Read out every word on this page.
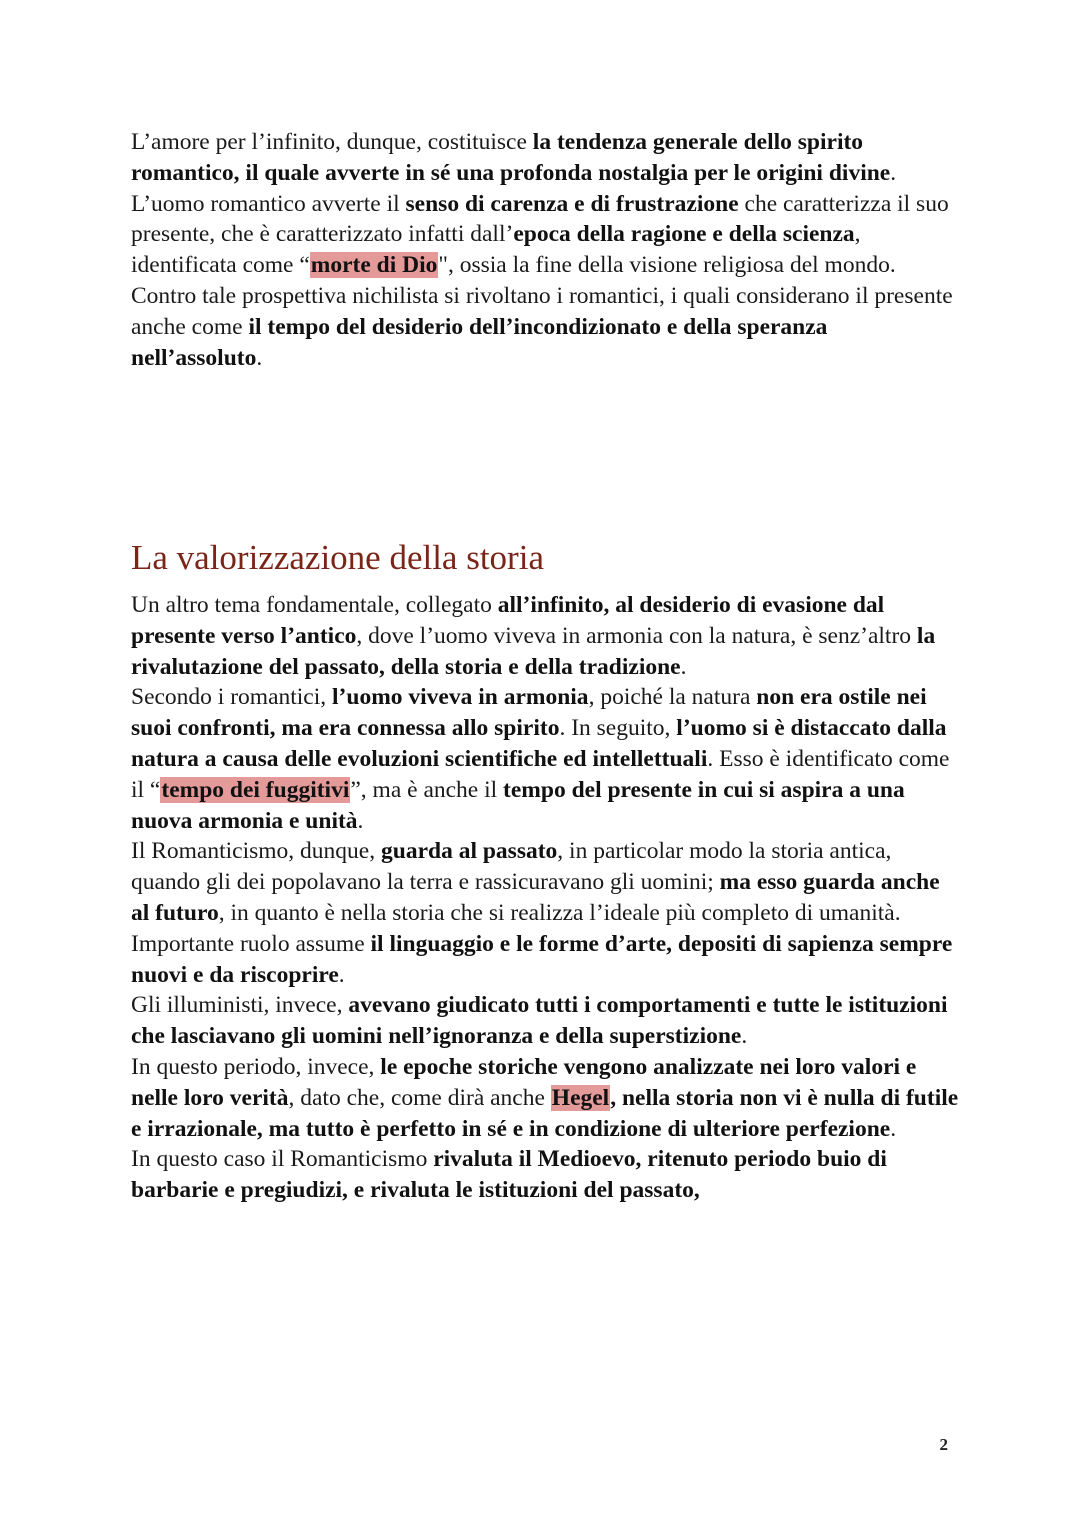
L’amore per l’infinito, dunque, costituisce la tendenza generale dello spirito romantico, il quale avverte in sé una profonda nostalgia per le origini divine.

L’uomo romantico avverte il senso di carenza e di frustrazione che caratterizza il suo presente, che è caratterizzato infatti dall’epoca della ragione e della scienza, identificata come “morte di Dio", ossia la fine della visione religiosa del mondo.

Contro tale prospettiva nichilista si rivoltano i romantici, i quali considerano il presente anche come il tempo del desiderio dell’incondizionato e della speranza nell’assoluto.

La valorizzazione della storia

Un altro tema fondamentale, collegato all’infinito, al desiderio di evasione dal presente verso l’antico, dove l’uomo viveva in armonia con la natura, è senz’altro la rivalutazione del passato, della storia e della tradizione.

Secondo i romantici, l’uomo viveva in armonia, poiché la natura non era ostile nei suoi confronti, ma era connessa allo spirito. In seguito, l’uomo si è distaccato dalla natura a causa delle evoluzioni scientifiche ed intellettuali. Esso è identificato come il “tempo dei fuggitivi”, ma è anche il tempo del presente in cui si aspira a una nuova armonia e unità.

Il Romanticismo, dunque, guarda al passato, in particolar modo la storia antica, quando gli dei popolavano la terra e rassicuravano gli uomini; ma esso guarda anche al futuro, in quanto è nella storia che si realizza l’ideale più completo di umanità.

Importante ruolo assume il linguaggio e le forme d’arte, depositi di sapienza sempre nuovi e da riscoprire.

Gli illuministi, invece, avevano giudicato tutti i comportamenti e tutte le istituzioni che lasciavano gli uomini nell’ignoranza e della superstizione.

In questo periodo, invece, le epoche storiche vengono analizzate nei loro valori e nelle loro verità, dato che, come dirà anche Hegel, nella storia non vi è nulla di futile e irrazionale, ma tutto è perfetto in sé e in condizione di ulteriore perfezione.

In questo caso il Romanticismo rivaluta il Medioevo, ritenuto periodo buio di barbarie e pregiudizi, e rivaluta le istituzioni del passato,

2
